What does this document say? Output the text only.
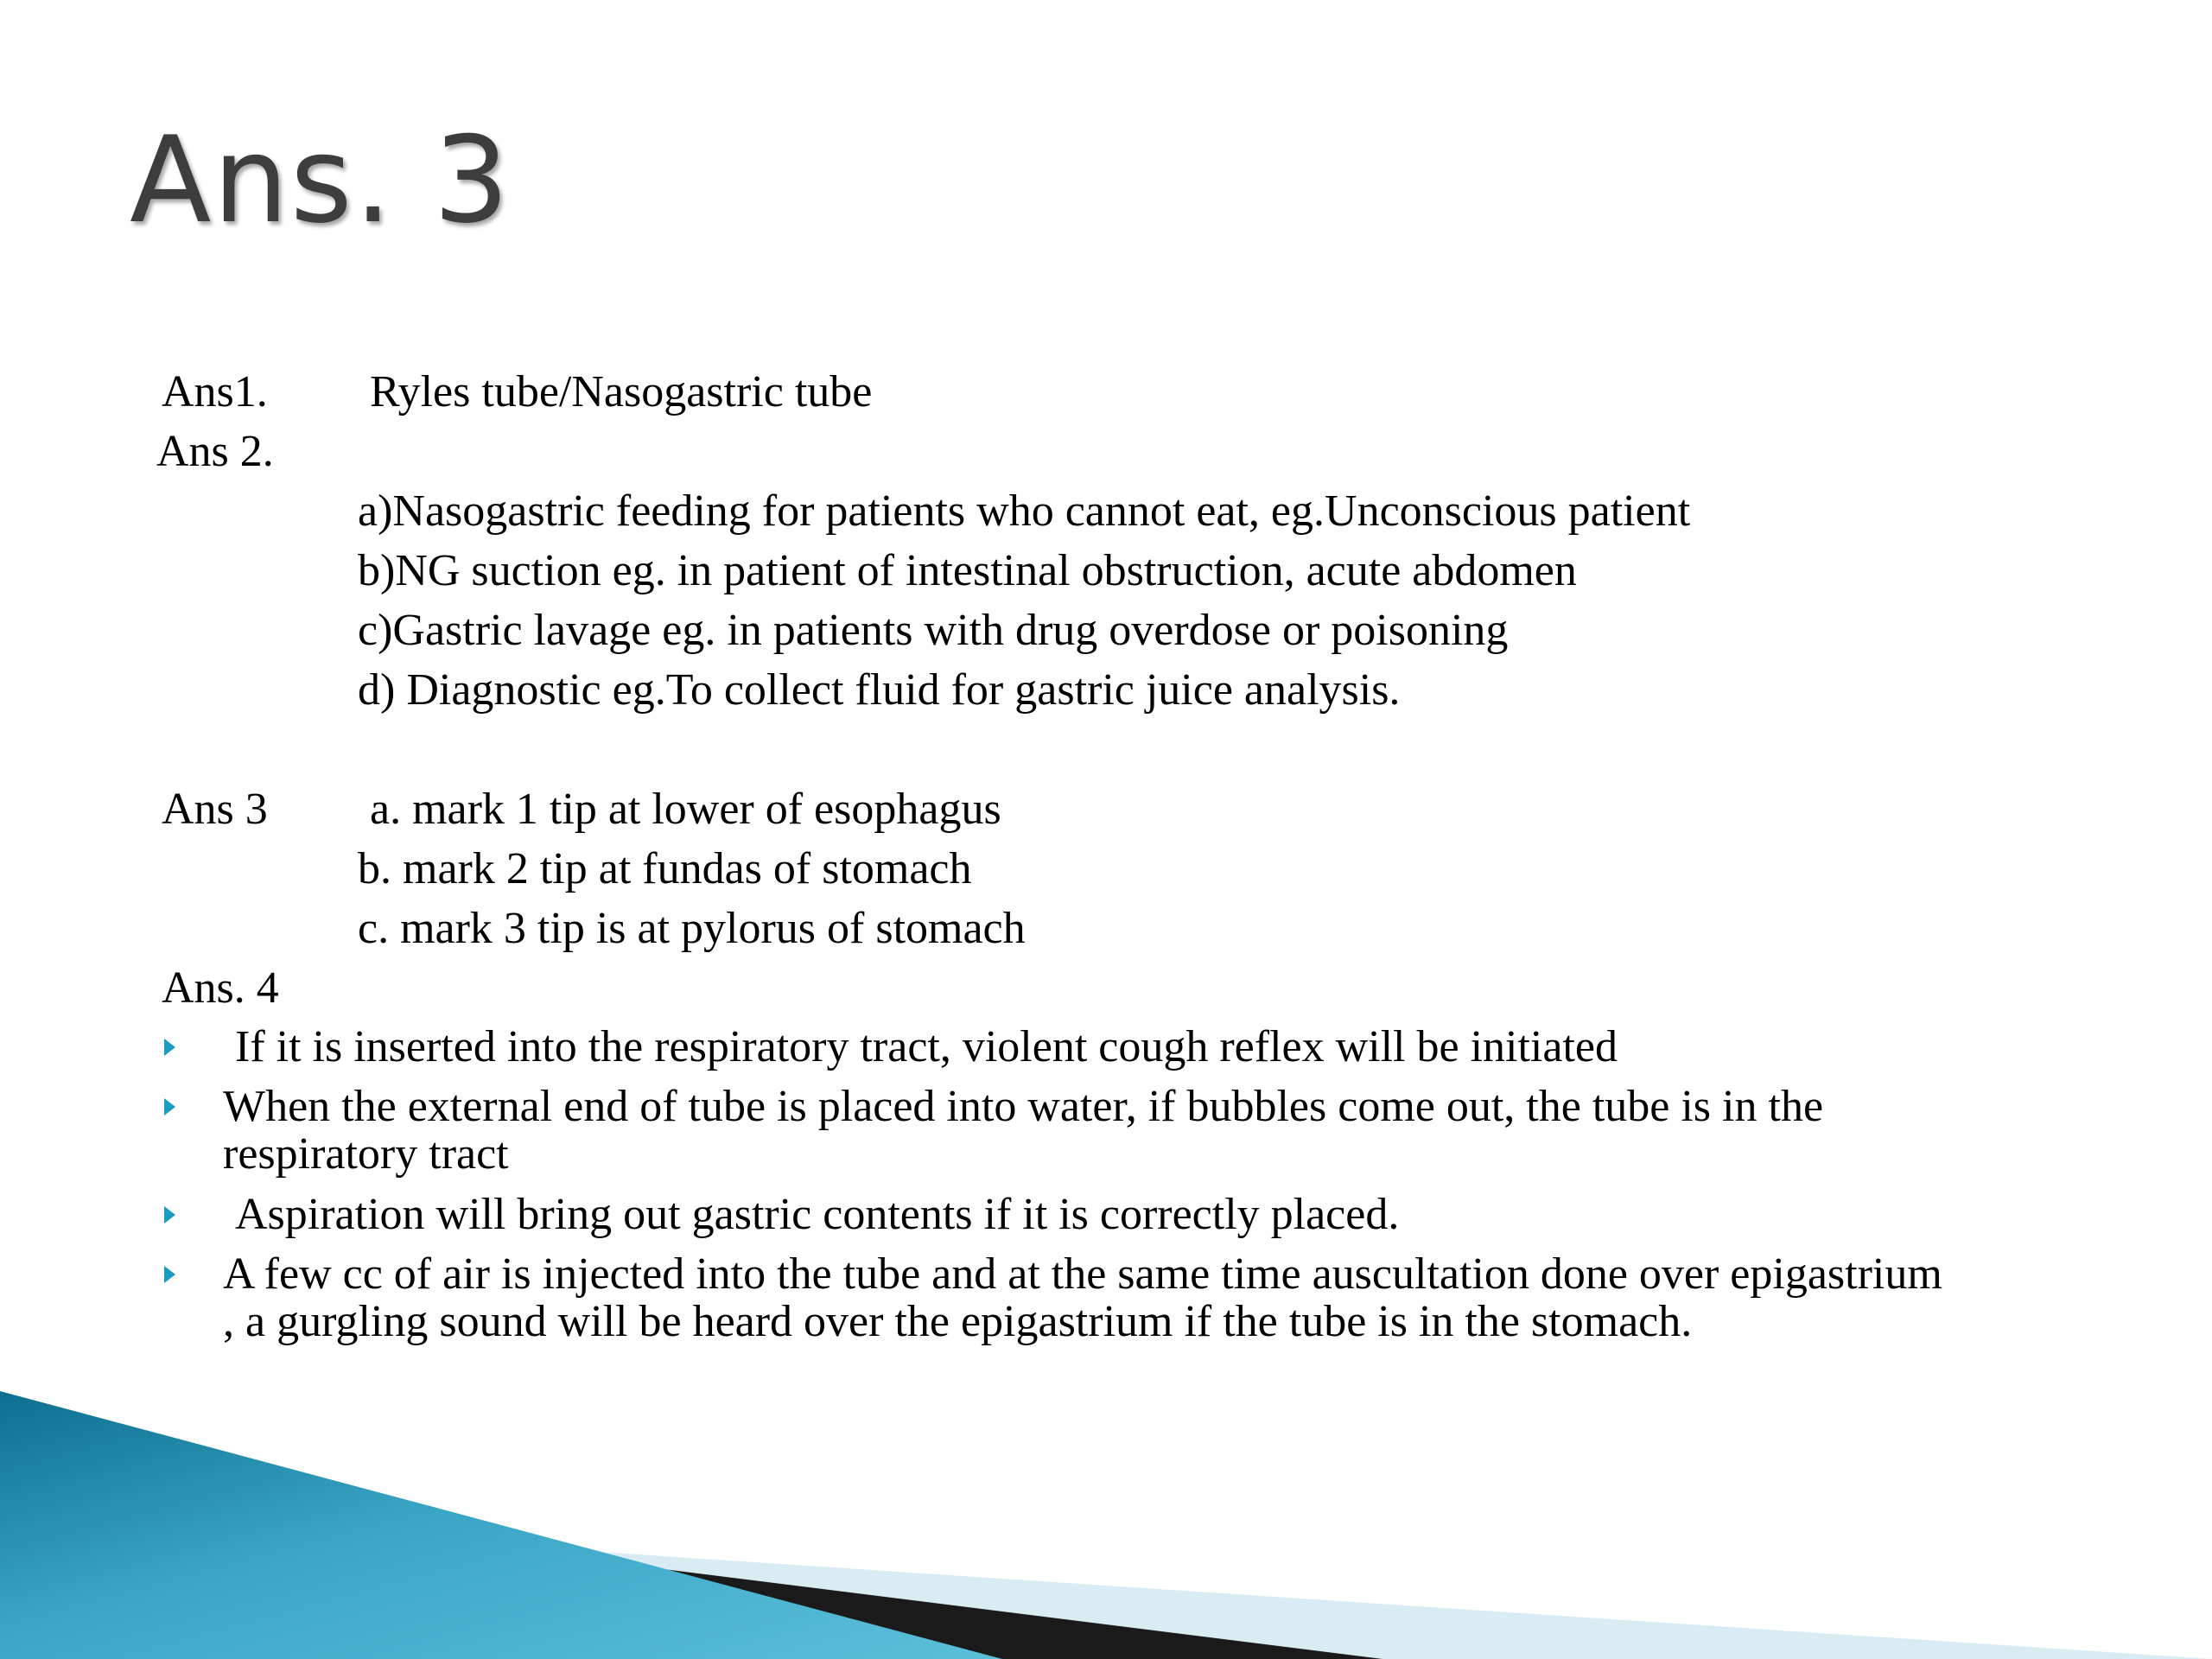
Ans. 3
Ans1. Ryles tube/Nasogastric tube
Ans 2.
a)Nasogastric feeding for patients who cannot eat, eg.Unconscious patient
b)NG suction eg. in patient of intestinal obstruction, acute abdomen
c)Gastric lavage eg. in patients with drug overdose or poisoning
d) Diagnostic eg.To collect fluid for gastric juice analysis.
Ans 3 a. mark 1 tip at lower of esophagus
b. mark 2 tip at fundas of stomach
c. mark 3 tip is at pylorus of stomach
Ans. 4
If it is inserted into the respiratory tract, violent cough reflex will be initiated
When the external end of tube is placed into water, if bubbles come out, the tube is in the respiratory tract
Aspiration will bring out gastric contents if it is correctly placed.
A few cc of air is injected into the tube and at the same time auscultation done over epigastrium , a gurgling sound will be heard over the epigastrium if the tube is in the stomach.
